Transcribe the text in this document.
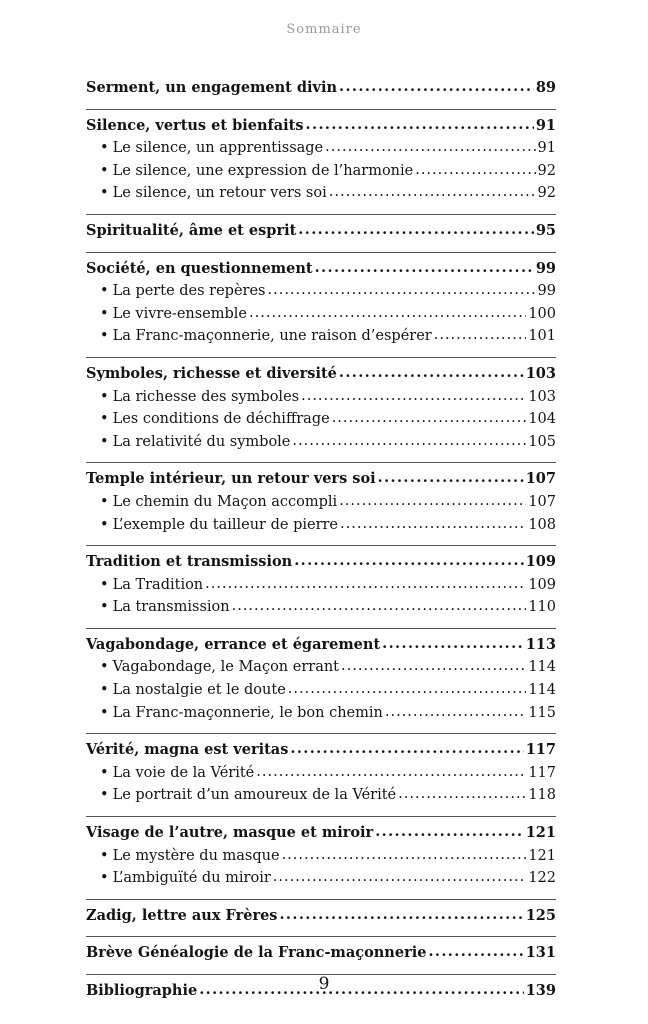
Sommaire
Serment, un engagement divin .....	89
Silence, vertus et bienfaits .....	91
• Le silence, un apprentissage .....	91
• Le silence, une expression de l’harmonie .....	92
• Le silence, un retour vers soi .....	92
Spiritualité, âme et esprit .....	95
Société, en questionnement .....	99
• La perte des repères .....	99
• Le vivre-ensemble .....	100
• La Franc-maçonnerie, une raison d’espérer .....	101
Symboles, richesse et diversité .....	103
• La richesse des symboles .....	103
• Les conditions de déchiffrage .....	104
• La relativité du symbole .....	105
Temple intérieur, un retour vers soi .....	107
• Le chemin du Maçon accompli .....	107
• L’exemple du tailleur de pierre .....	108
Tradition et transmission .....	109
• La Tradition .....	109
• La transmission .....	110
Vagabondage, errance et égarement .....	113
• Vagabondage, le Maçon errant .....	114
• La nostalgie et le doute .....	114
• La Franc-maçonnerie, le bon chemin .....	115
Vérité, magna est veritas .....	117
• La voie de la Vérité .....	117
• Le portrait d’un amoureux de la Vérité .....	118
Visage de l’autre, masque et miroir .....	121
• Le mystère du masque .....	121
• L’ambiguïté du miroir .....	122
Zadig, lettre aux Frères .....	125
Brève Généalogie de la Franc-maçonnerie .....	131
Bibliographie .....	139
9
